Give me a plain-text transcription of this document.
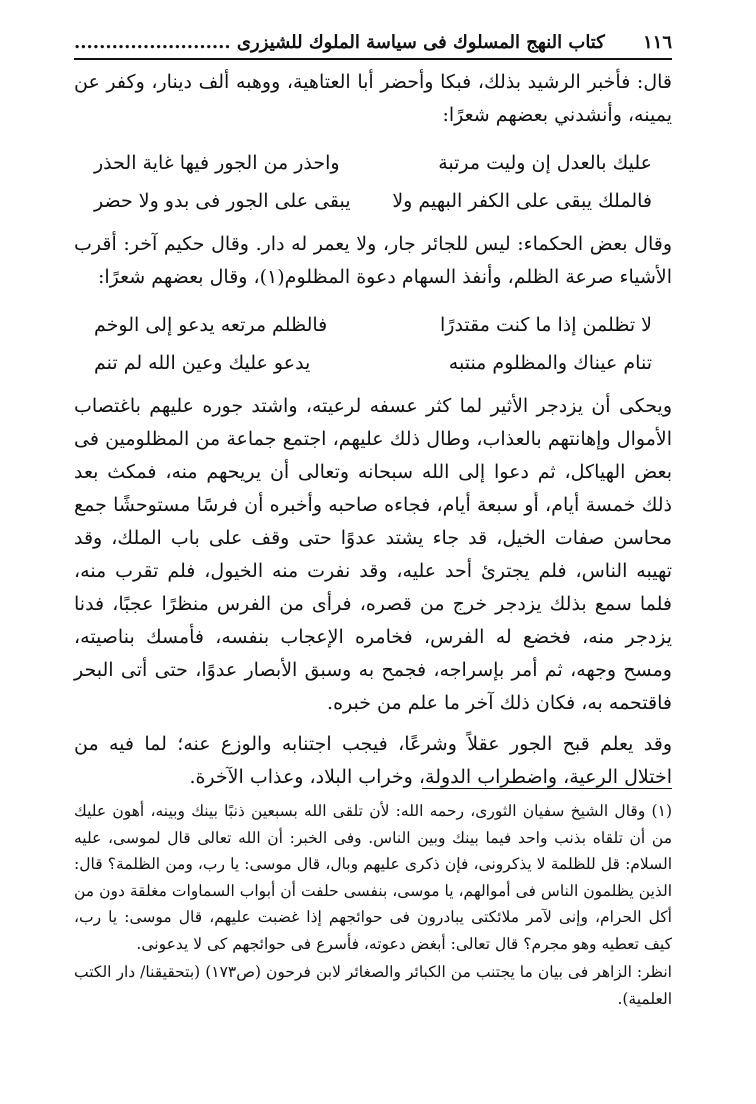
١١٦
كتاب النهج المسلوك فى سياسة الملوك للشيزرى .........................

قال: فأخبر الرشيد بذلك، فبكا وأحضر أبا العتاهية، ووهبه ألف دينار، وكفر عن يمينه، وأنشدني بعضهم شعرًا:

عليك بالعدل إن وليت مرتبة
واحذر من الجور فيها غاية الحذر
فالملك يبقى على الكفر البهيم ولا
يبقى على الجور فى بدو ولا حضر

وقال بعض الحكماء: ليس للجائر جار، ولا يعمر له دار. وقال حكيم آخر: أقرب الأشياء صرعة الظلم، وأنفذ السهام دعوة المظلوم(١)، وقال بعضهم شعرًا:

لا تظلمن إذا ما كنت مقتدرًا
فالظلم مرتعه يدعو إلى الوخم
تنام عيناك والمظلوم منتبه
يدعو عليك وعين الله لم تنم

ويحكى أن يزدجر الأثير لما كثر عسفه لرعيته، واشتد جوره عليهم باغتصاب الأموال وإهانتهم بالعذاب، وطال ذلك عليهم، اجتمع جماعة من المظلومين فى بعض الهياكل، ثم دعوا إلى الله سبحانه وتعالى أن يريحهم منه، فمكث بعد ذلك خمسة أيام، أو سبعة أيام، فجاءه صاحبه وأخبره أن فرسًا مستوحشًا جمع محاسن صفات الخيل، قد جاء يشتد عدوًا حتى وقف على باب الملك، وقد تهيبه الناس، فلم يجترئ أحد عليه، وقد نفرت منه الخيول، فلم تقرب منه، فلما سمع بذلك يزدجر خرج من قصره، فرأى من الفرس منظرًا عجبًا، فدنا يزدجر منه، فخضع له الفرس، فخامره الإعجاب بنفسه، فأمسك بناصيته، ومسح وجهه، ثم أمر بإسراجه، فجمح به وسبق الأبصار عدوًا، حتى أتى البحر فاقتحمه به، فكان ذلك آخر ما علم من خبره.

وقد يعلم قبح الجور عقلاً وشرعًا، فيجب اجتنابه والوزع عنه؛ لما فيه من اختلال الرعية، واضطراب الدولة، وخراب البلاد، وعذاب الآخرة.

(١) وقال الشيخ سفيان الثورى، رحمه الله: لأن تلقى الله بسبعين ذنبًا بينك وبينه، أهون عليك من أن تلقاه بذنب واحد فيما بينك وبين الناس. وفى الخبر: أن الله تعالى قال لموسى، عليه السلام: قل للظلمة لا يذكرونى، فإن ذكرى عليهم وبال، قال موسى: يا رب، ومن الظلمة؟ قال: الذين يظلمون الناس فى أموالهم، يا موسى، بنفسى حلفت أن أبواب السماوات مغلقة دون من أكل الحرام، وإنى لآمر ملائكتى يبادرون فى حوائجهم إذا غضبت عليهم، قال موسى: يا رب، كيف تعطيه وهو مجرم؟ قال تعالى: أبغض دعوته، فأسرع فى حوائجهم كى لا يدعونى.

انظر: الزاهر فى بيان ما يجتنب من الكبائر والصغائر لابن فرحون (ص١٧٣) (بتحقيقنا/ دار الكتب العلمية).
